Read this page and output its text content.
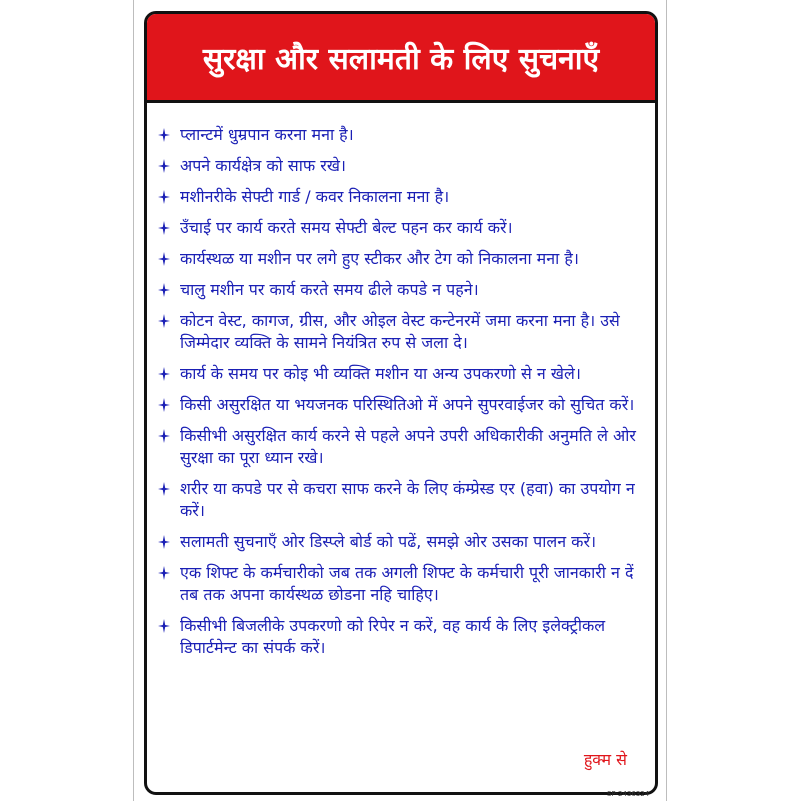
सुरक्षा और सलामती के लिए सुचनाएँ
प्लान्टमें धुम्रपान करना मना है।
अपने कार्यक्षेत्र को साफ रखे।
मशीनरीके सेफ्टी गार्ड / कवर निकालना मना है।
उँचाई पर कार्य करते समय सेफ्टी बेल्ट पहन कर कार्य करें।
कार्यस्थळ या मशीन पर लगे हुए स्टीकर और टेग को निकालना मना है।
चालु मशीन पर कार्य करते समय ढीले कपडे न पहने।
कोटन वेस्ट, कागज, ग्रीस, और ओइल वेस्ट कन्टेनरमें जमा करना मना है। उसे जिम्मेदार व्यक्ति के सामने नियंत्रित रुप से जला दे।
कार्य के समय पर कोइ भी व्यक्ति मशीन या अन्य उपकरणो से न खेले।
किसी असुरक्षित या भयजनक परिस्थितिओ में अपने सुपरवाईजर को सुचित करें।
किसीभी असुरक्षित कार्य करने से पहले अपने उपरी अधिकारीकी अनुमति ले ओर सुरक्षा का पूरा ध्यान रखे।
शरीर या कपडे पर से कचरा साफ करने के लिए कंम्प्रेस्ड एर (हवा) का उपयोग न करें।
सलामती सुचनाएँ ओर डिस्प्ले बोर्ड को पढें, समझे ओर उसका पालन करें।
एक शिफ्ट के कर्मचारीको जब तक अगली शिफ्ट के कर्मचारी पूरी जानकारी न दें तब तक अपना कार्यस्थळ छोडना नहि चाहिए।
किसीभी बिजलीके उपकरणो को रिपेर न करें, वह कार्य के लिए इलेक्ट्रीकल डिपार्टमेन्ट का संपर्क करें।
हुक्म से
SP-2436324
